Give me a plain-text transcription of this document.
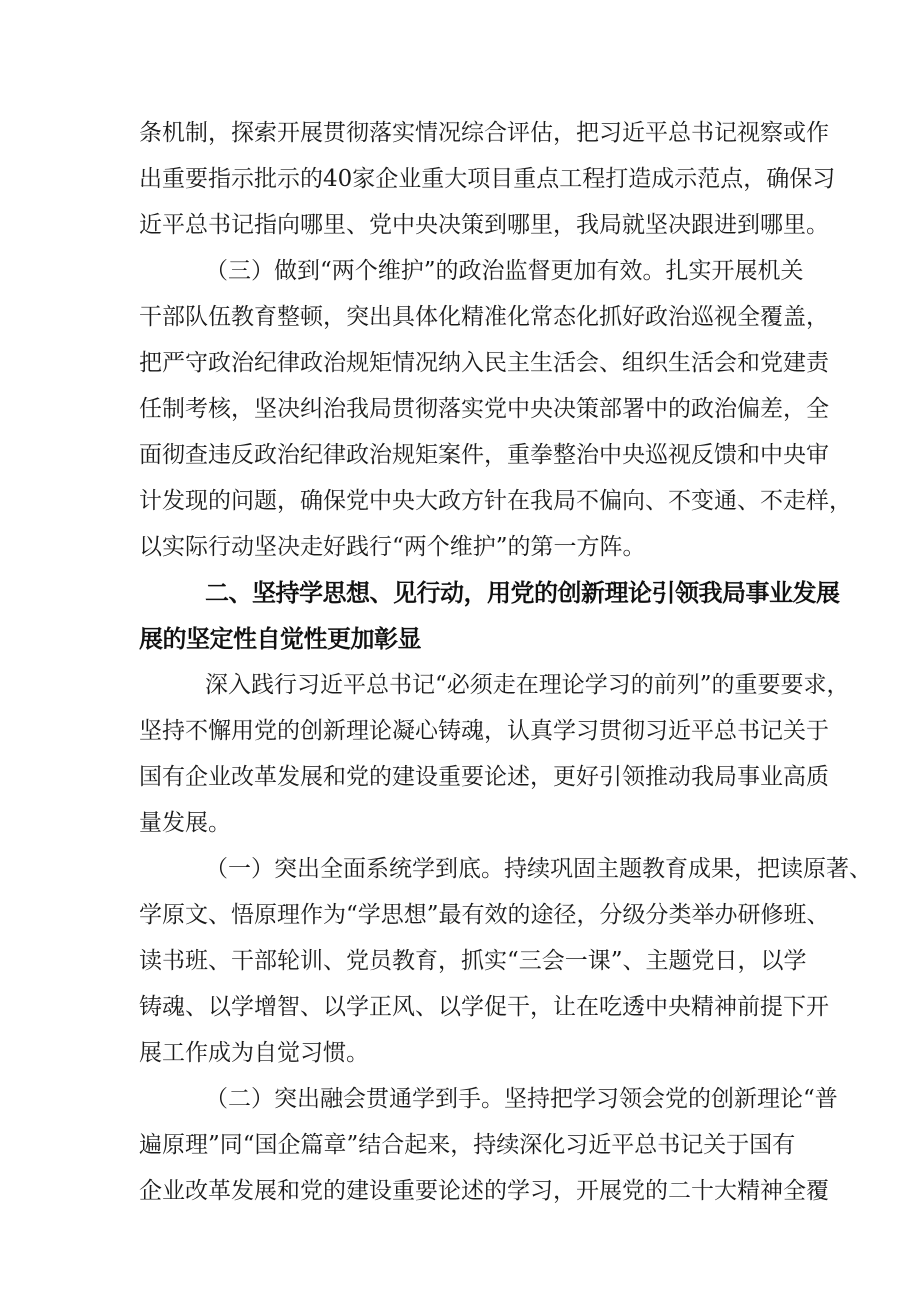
条机制，探索开展贯彻落实情况综合评估，把习近平总书记视察或作
出重要指示批示的40家企业重大项目重点工程打造成示范点，确保习
近平总书记指向哪里、党中央决策到哪里，我局就坚决跟进到哪里。
（三）做到“两个维护”的政治监督更加有效。扎实开展机关
干部队伍教育整顿，突出具体化精准化常态化抓好政治巡视全覆盖，
把严守政治纪律政治规矩情况纳入民主生活会、组织生活会和党建责
任制考核，坚决纠治我局贯彻落实党中央决策部署中的政治偏差，全
面彻查违反政治纪律政治规矩案件，重拳整治中央巡视反馈和中央审
计发现的问题，确保党中央大政方针在我局不偏向、不变通、不走样，
以实际行动坚决走好践行“两个维护”的第一方阵。
二、坚持学思想、见行动，用党的创新理论引领我局事业发展
展的坚定性自觉性更加彰显
深入践行习近平总书记“必须走在理论学习的前列”的重要要求，
坚持不懈用党的创新理论凝心铸魂，认真学习贯彻习近平总书记关于
国有企业改革发展和党的建设重要论述，更好引领推动我局事业高质
量发展。
（一）突出全面系统学到底。持续巩固主题教育成果，把读原著、
学原文、悟原理作为“学思想”最有效的途径，分级分类举办研修班、
读书班、干部轮训、党员教育，抓实“三会一课”、主题党日，以学
铸魂、以学增智、以学正风、以学促干，让在吃透中央精神前提下开
展工作成为自觉习惯。
（二）突出融会贯通学到手。坚持把学习领会党的创新理论“普
遍原理”同“国企篇章”结合起来，持续深化习近平总书记关于国有
企业改革发展和党的建设重要论述的学习，开展党的二十大精神全覆
